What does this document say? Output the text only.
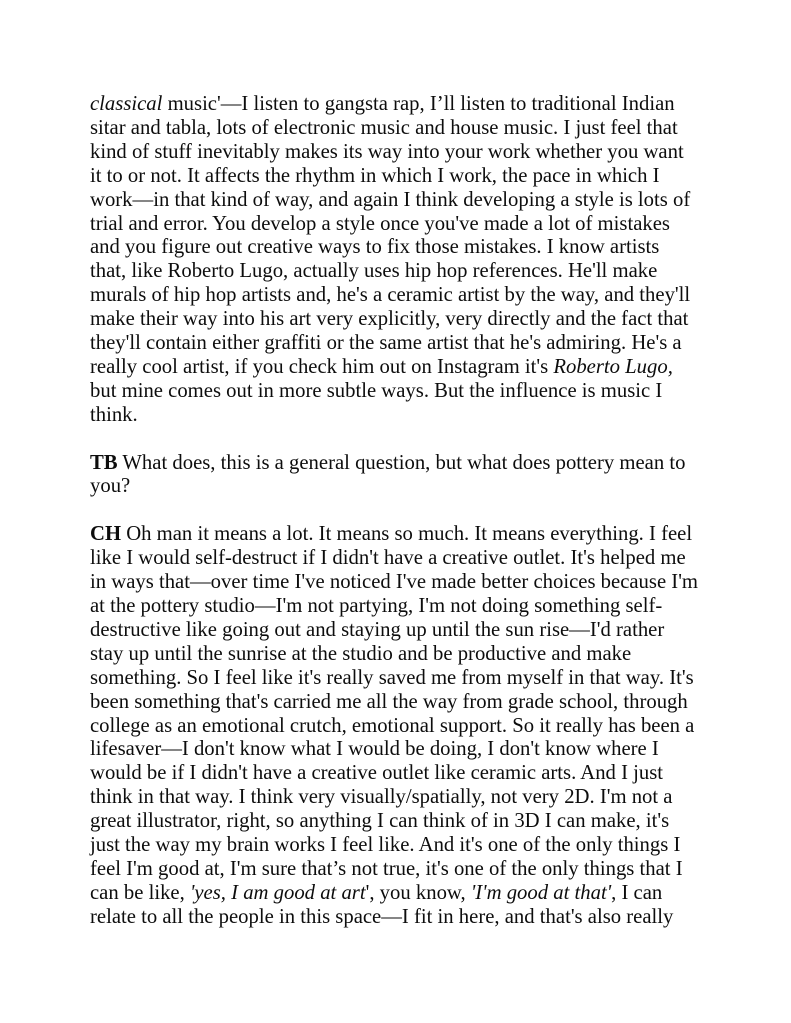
classical music'—I listen to gangsta rap, I’ll listen to traditional Indian sitar and tabla, lots of electronic music and house music. I just feel that kind of stuff inevitably makes its way into your work whether you want it to or not. It affects the rhythm in which I work, the pace in which I work—in that kind of way, and again I think developing a style is lots of trial and error. You develop a style once you've made a lot of mistakes and you figure out creative ways to fix those mistakes. I know artists that, like Roberto Lugo, actually uses hip hop references. He'll make murals of hip hop artists and, he's a ceramic artist by the way, and they'll make their way into his art very explicitly, very directly and the fact that they'll contain either graffiti or the same artist that he's admiring. He's a really cool artist, if you check him out on Instagram it's Roberto Lugo, but mine comes out in more subtle ways. But the influence is music I think.

TB What does, this is a general question, but what does pottery mean to you?

CH Oh man it means a lot. It means so much. It means everything. I feel like I would self-destruct if I didn't have a creative outlet. It's helped me in ways that—over time I've noticed I've made better choices because I'm at the pottery studio—I'm not partying, I'm not doing something self-destructive like going out and staying up until the sun rise—I'd rather stay up until the sunrise at the studio and be productive and make something. So I feel like it's really saved me from myself in that way. It's been something that's carried me all the way from grade school, through college as an emotional crutch, emotional support. So it really has been a lifesaver—I don't know what I would be doing, I don't know where I would be if I didn't have a creative outlet like ceramic arts. And I just think in that way. I think very visually/spatially, not very 2D. I'm not a great illustrator, right, so anything I can think of in 3D I can make, it's just the way my brain works I feel like. And it's one of the only things I feel I'm good at, I'm sure that’s not true, it's one of the only things that I can be like, 'yes, I am good at art', you know, 'I'm good at that', I can relate to all the people in this space—I fit in here, and that's also really
